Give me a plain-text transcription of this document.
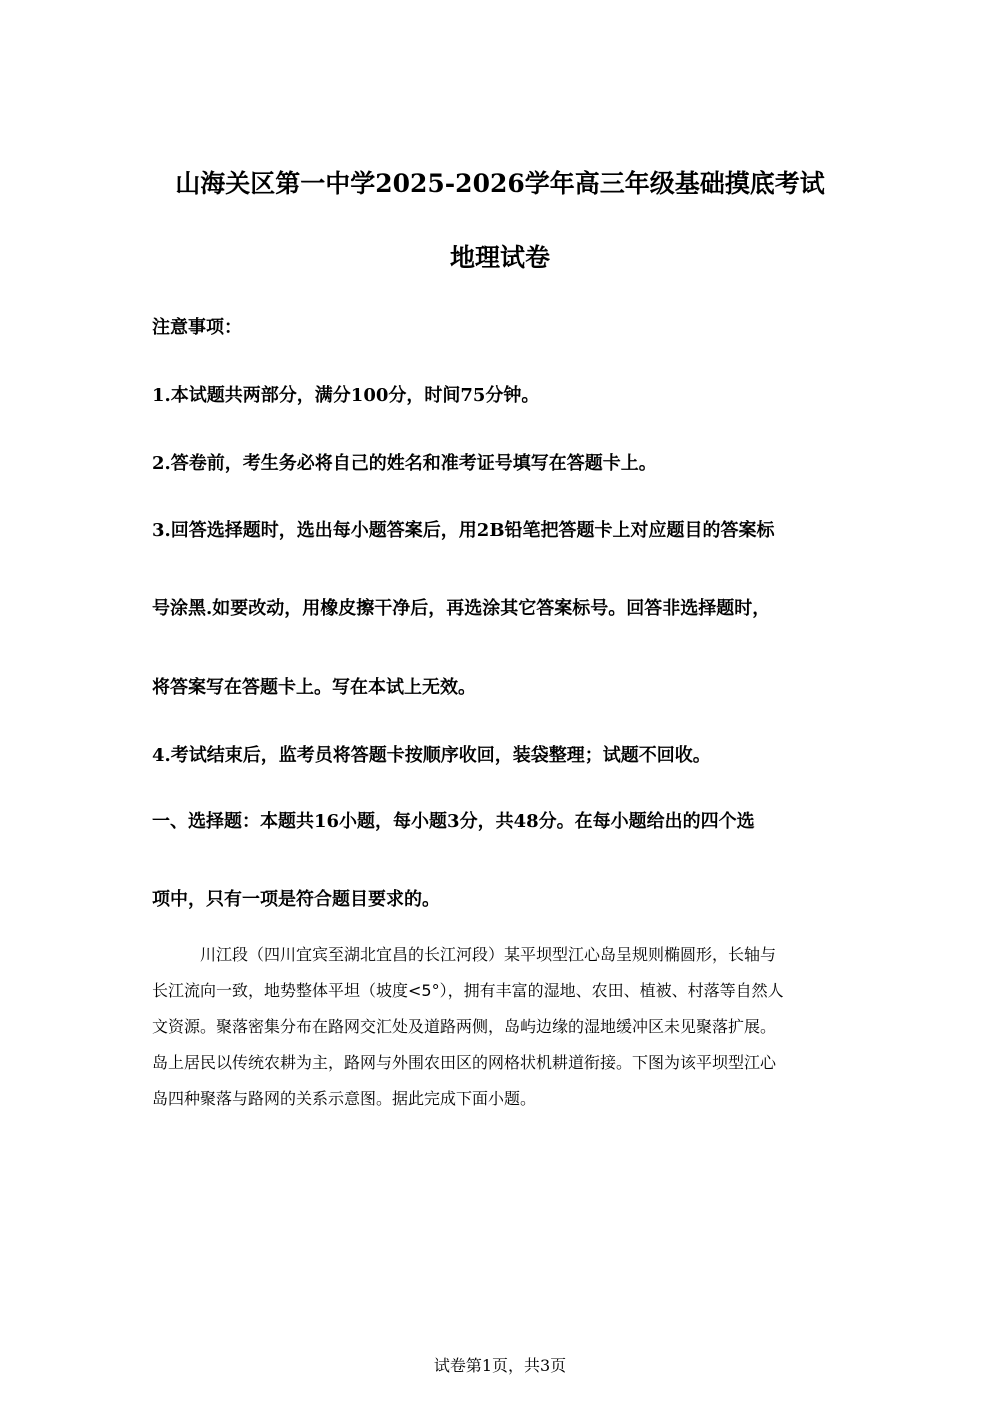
山海关区第一中学2025-2026学年高三年级基础摸底考试
地理试卷
注意事项：
1.本试题共两部分，满分100分，时间75分钟。
2.答卷前，考生务必将自己的姓名和准考证号填写在答题卡上。
3.回答选择题时，选出每小题答案后，用2B铅笔把答题卡上对应题目的答案标
号涂黑.如要改动，用橡皮擦干净后，再选涂其它答案标号。回答非选择题时，
将答案写在答题卡上。写在本试上无效。
4.考试结束后，监考员将答题卡按顺序收回，装袋整理；试题不回收。
一、选择题：本题共16小题，每小题3分，共48分。在每小题给出的四个选
项中，只有一项是符合题目要求的。
川江段（四川宜宾至湖北宜昌的长江河段）某平坝型江心岛呈规则椭圆形，长轴与
长江流向一致，地势整体平坦（坡度<5°），拥有丰富的湿地、农田、植被、村落等自然人
文资源。聚落密集分布在路网交汇处及道路两侧，岛屿边缘的湿地缓冲区未见聚落扩展。
岛上居民以传统农耕为主，路网与外围农田区的网格状机耕道衔接。下图为该平坝型江心
岛四种聚落与路网的关系示意图。据此完成下面小题。
试卷第1页，共3页
